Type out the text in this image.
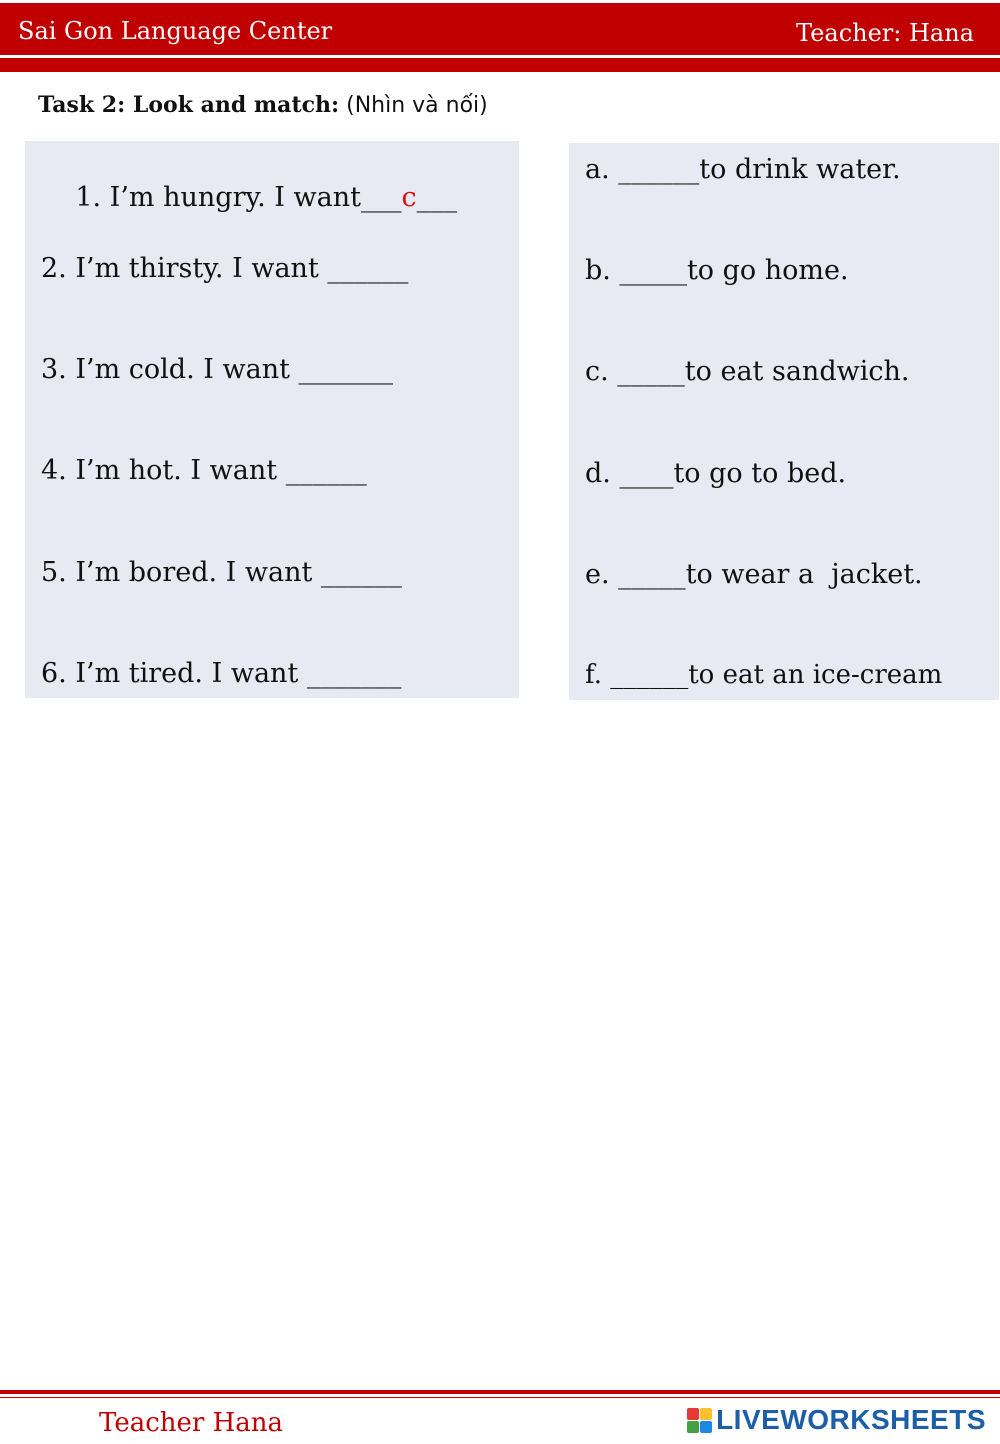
Sai Gon Language Center	Teacher: Hana
Task 2: Look and match: (Nhìn và nối)

1. I’m hungry. I want___c___

2. I’m thirsty. I want ______
3. I’m cold. I want _______
4. I’m hot. I want ______
5. I’m bored. I want ______
6. I’m tired. I want _______
a. ______to drink water.
b. _____to go home.
c. _____to eat sandwich.
d. ____to go to bed.
e. _____to wear a  jacket.
f. ______to eat an ice-cream
Teacher Hana	LIVEWORKSHEETS
